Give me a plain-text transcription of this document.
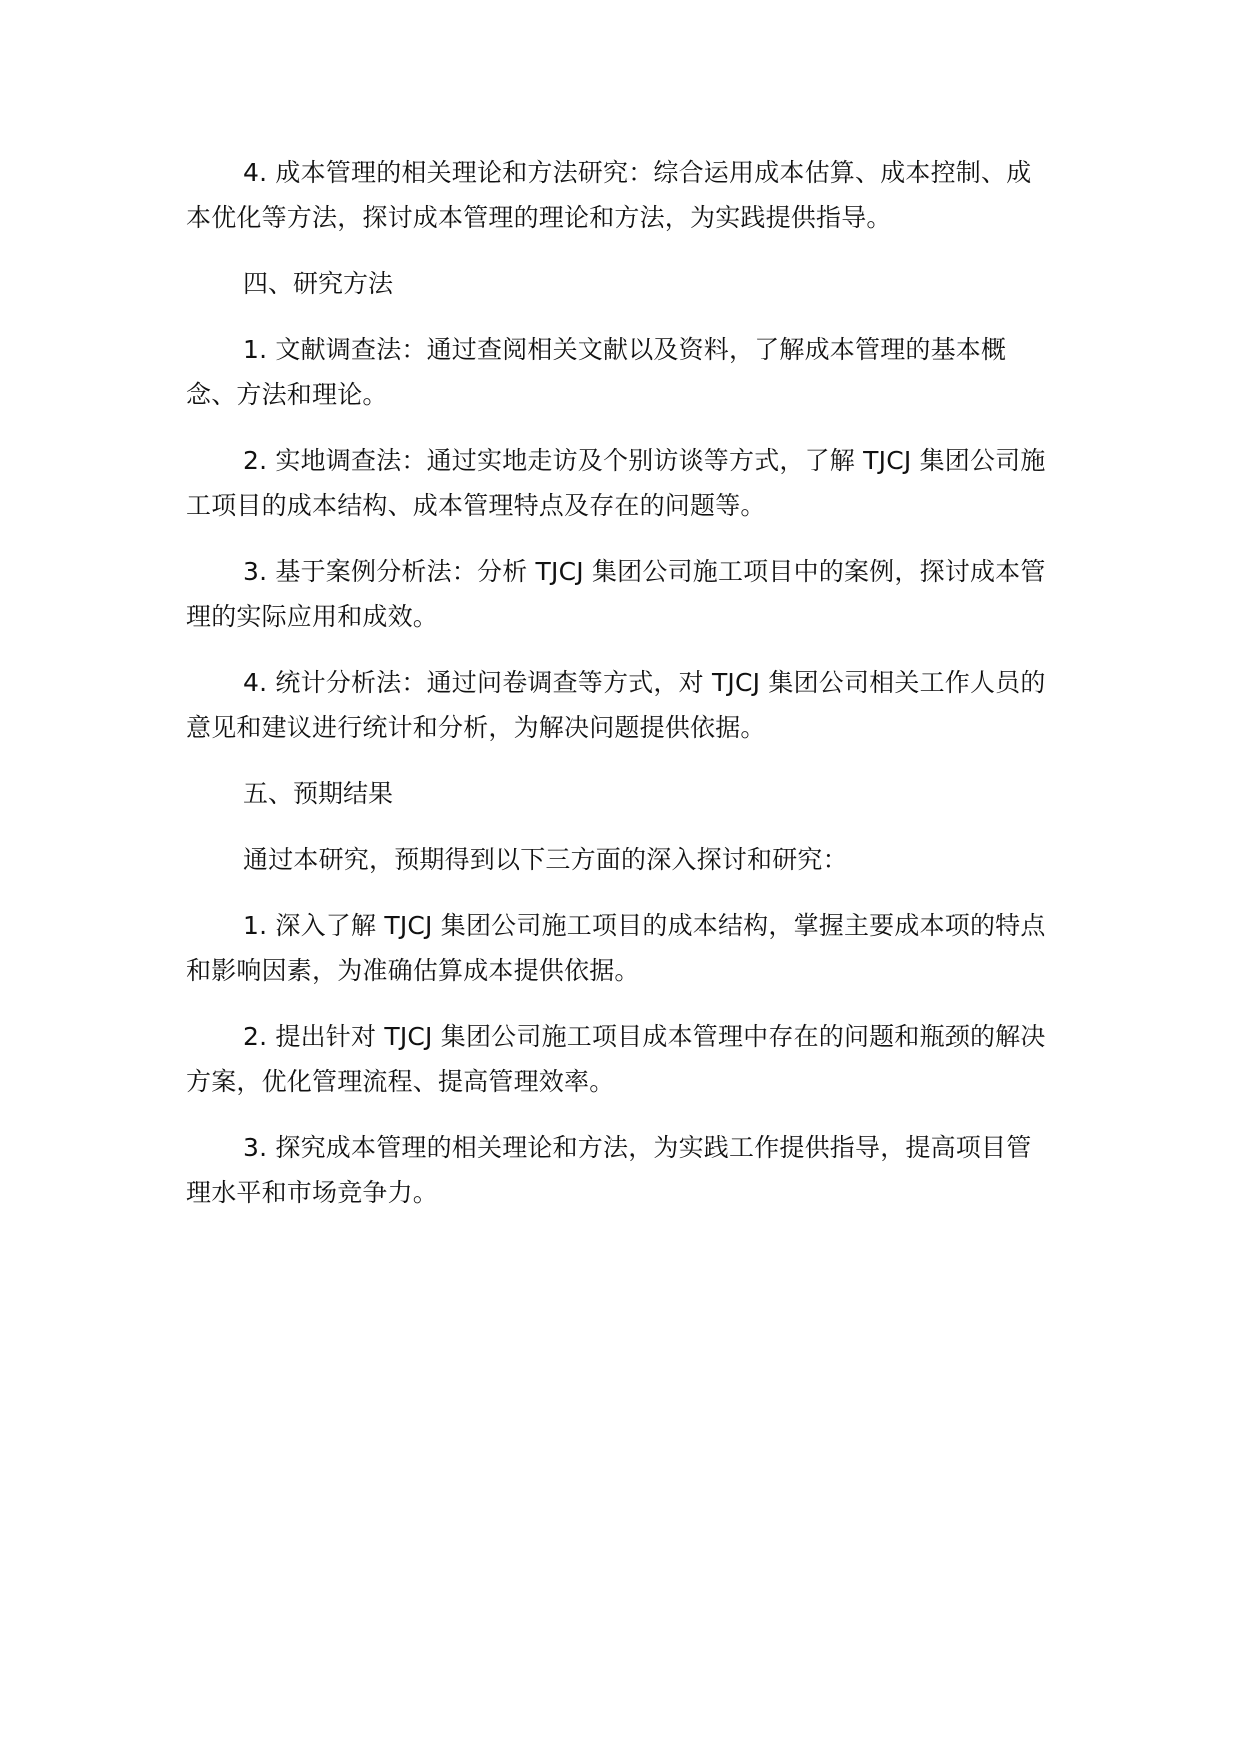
4. 成本管理的相关理论和方法研究：综合运用成本估算、成本控制、成本优化等方法，探讨成本管理的理论和方法，为实践提供指导。

四、研究方法

1. 文献调查法：通过查阅相关文献以及资料，了解成本管理的基本概念、方法和理论。

2. 实地调查法：通过实地走访及个别访谈等方式，了解 TJCJ 集团公司施工项目的成本结构、成本管理特点及存在的问题等。

3. 基于案例分析法：分析 TJCJ 集团公司施工项目中的案例，探讨成本管理的实际应用和成效。

4. 统计分析法：通过问卷调查等方式，对 TJCJ 集团公司相关工作人员的意见和建议进行统计和分析，为解决问题提供依据。

五、预期结果

通过本研究，预期得到以下三方面的深入探讨和研究：

1. 深入了解 TJCJ 集团公司施工项目的成本结构，掌握主要成本项的特点和影响因素，为准确估算成本提供依据。

2. 提出针对 TJCJ 集团公司施工项目成本管理中存在的问题和瓶颈的解决方案，优化管理流程、提高管理效率。

3. 探究成本管理的相关理论和方法，为实践工作提供指导，提高项目管理水平和市场竞争力。
